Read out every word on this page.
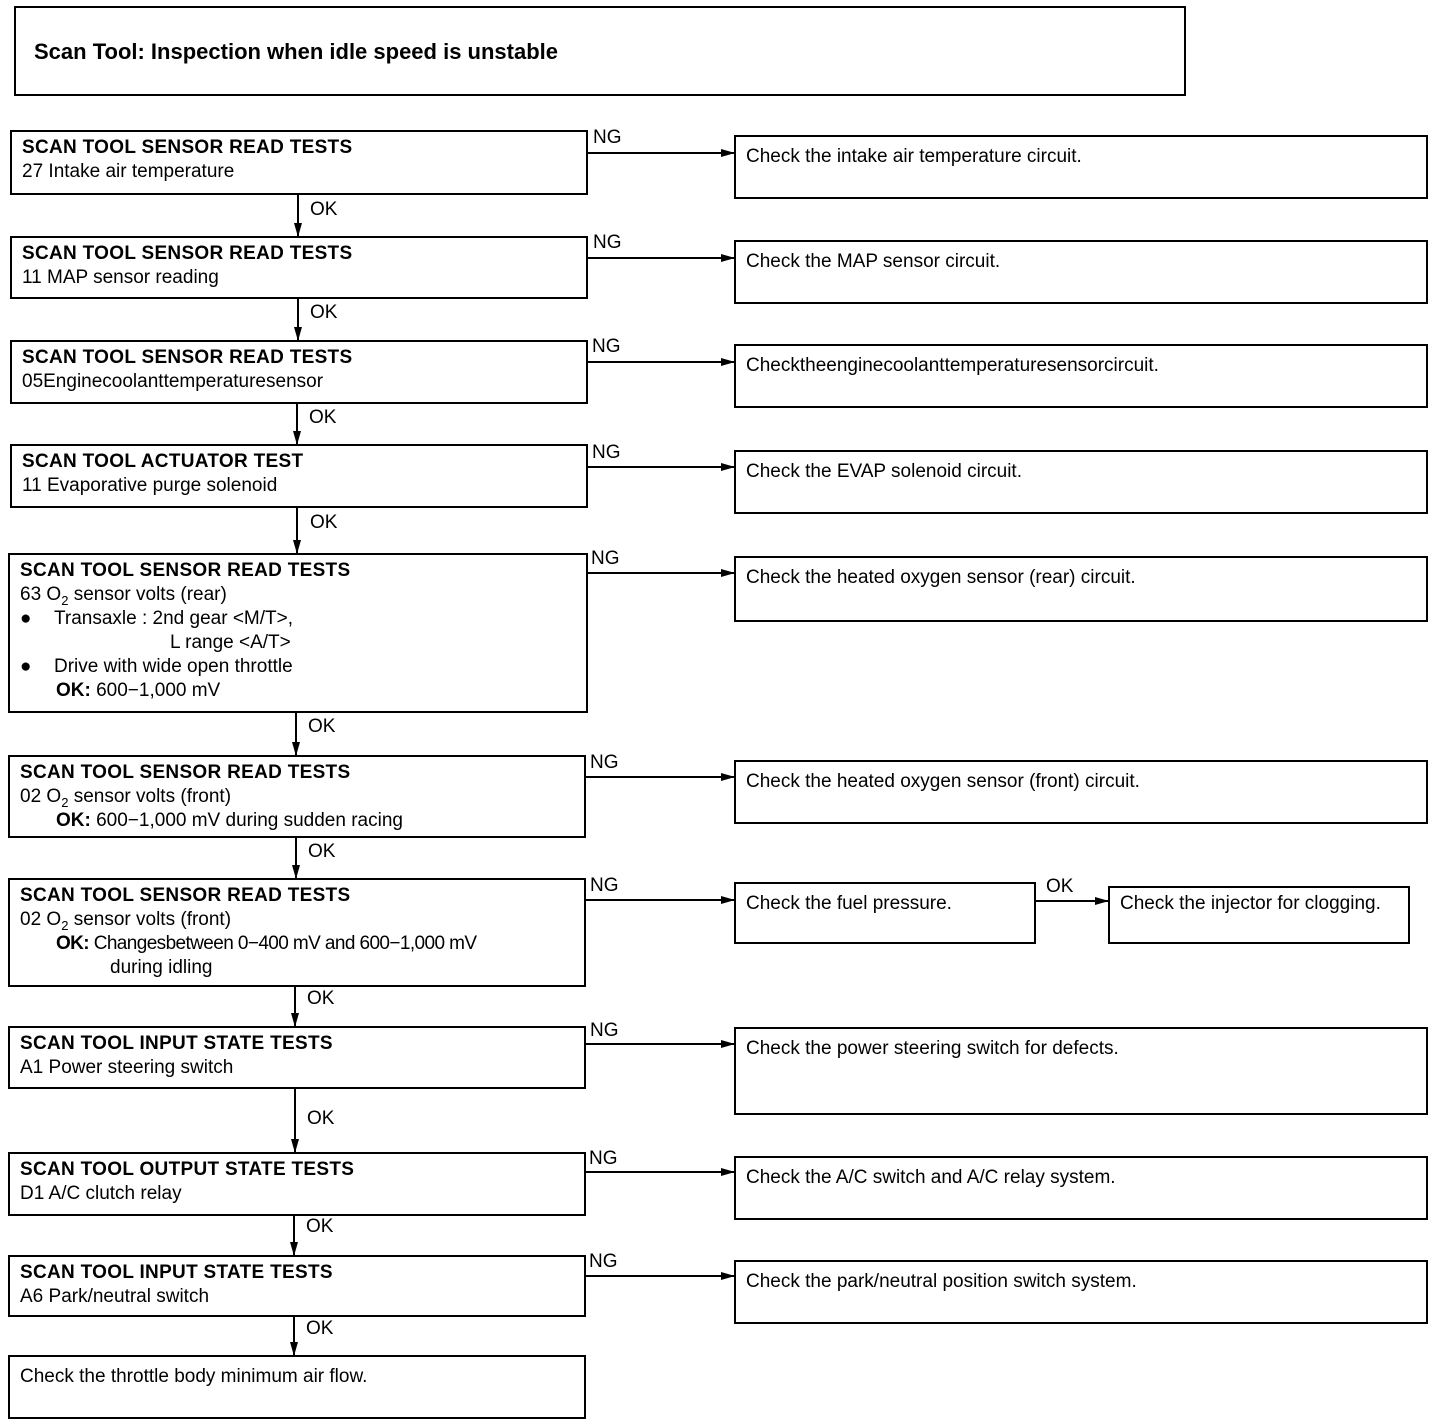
Scan Tool: Inspection when idle speed is unstable
SCAN TOOL SENSOR READ TESTS
27 Intake air temperature
Check the intake air temperature circuit.
SCAN TOOL SENSOR READ TESTS
11 MAP sensor reading
Check the MAP sensor circuit.
SCAN TOOL SENSOR READ TESTS
05Enginecoolanttemperaturesensor
Checktheenginecoolanttemperaturesensorcircuit.
SCAN TOOL ACTUATOR TEST
11 Evaporative purge solenoid
Check the EVAP solenoid circuit.
SCAN TOOL SENSOR READ TESTS
63 $O_2$ sensor volts (rear)
● Transaxle : 2nd gear <M/T>,
L range <A/T>
● Drive with wide open throttle
OK: 600−1,000 mV
Check the heated oxygen sensor (rear) circuit.
SCAN TOOL SENSOR READ TESTS
02 $O_2$ sensor volts (front)
OK: 600−1,000 mV during sudden racing
Check the heated oxygen sensor (front) circuit.
SCAN TOOL SENSOR READ TESTS
02 $O_2$ sensor volts (front)
OK: Changesbetween 0−400 mV and 600−1,000 mV
during idling
Check the fuel pressure.	Check the injector for clogging.
SCAN TOOL INPUT STATE TESTS
A1 Power steering switch
Check the power steering switch for defects.
SCAN TOOL OUTPUT STATE TESTS
D1 A/C clutch relay
Check the A/C switch and A/C relay system.
SCAN TOOL INPUT STATE TESTS
A6 Park/neutral switch
Check the park/neutral position switch system.
Check the throttle body minimum air flow.
NG
NG
NG
NG
NG
NG
NG
NG
NG
NG
OK
OK
OK
OK
OK
OK
OK
OK
OK
OK
OK
